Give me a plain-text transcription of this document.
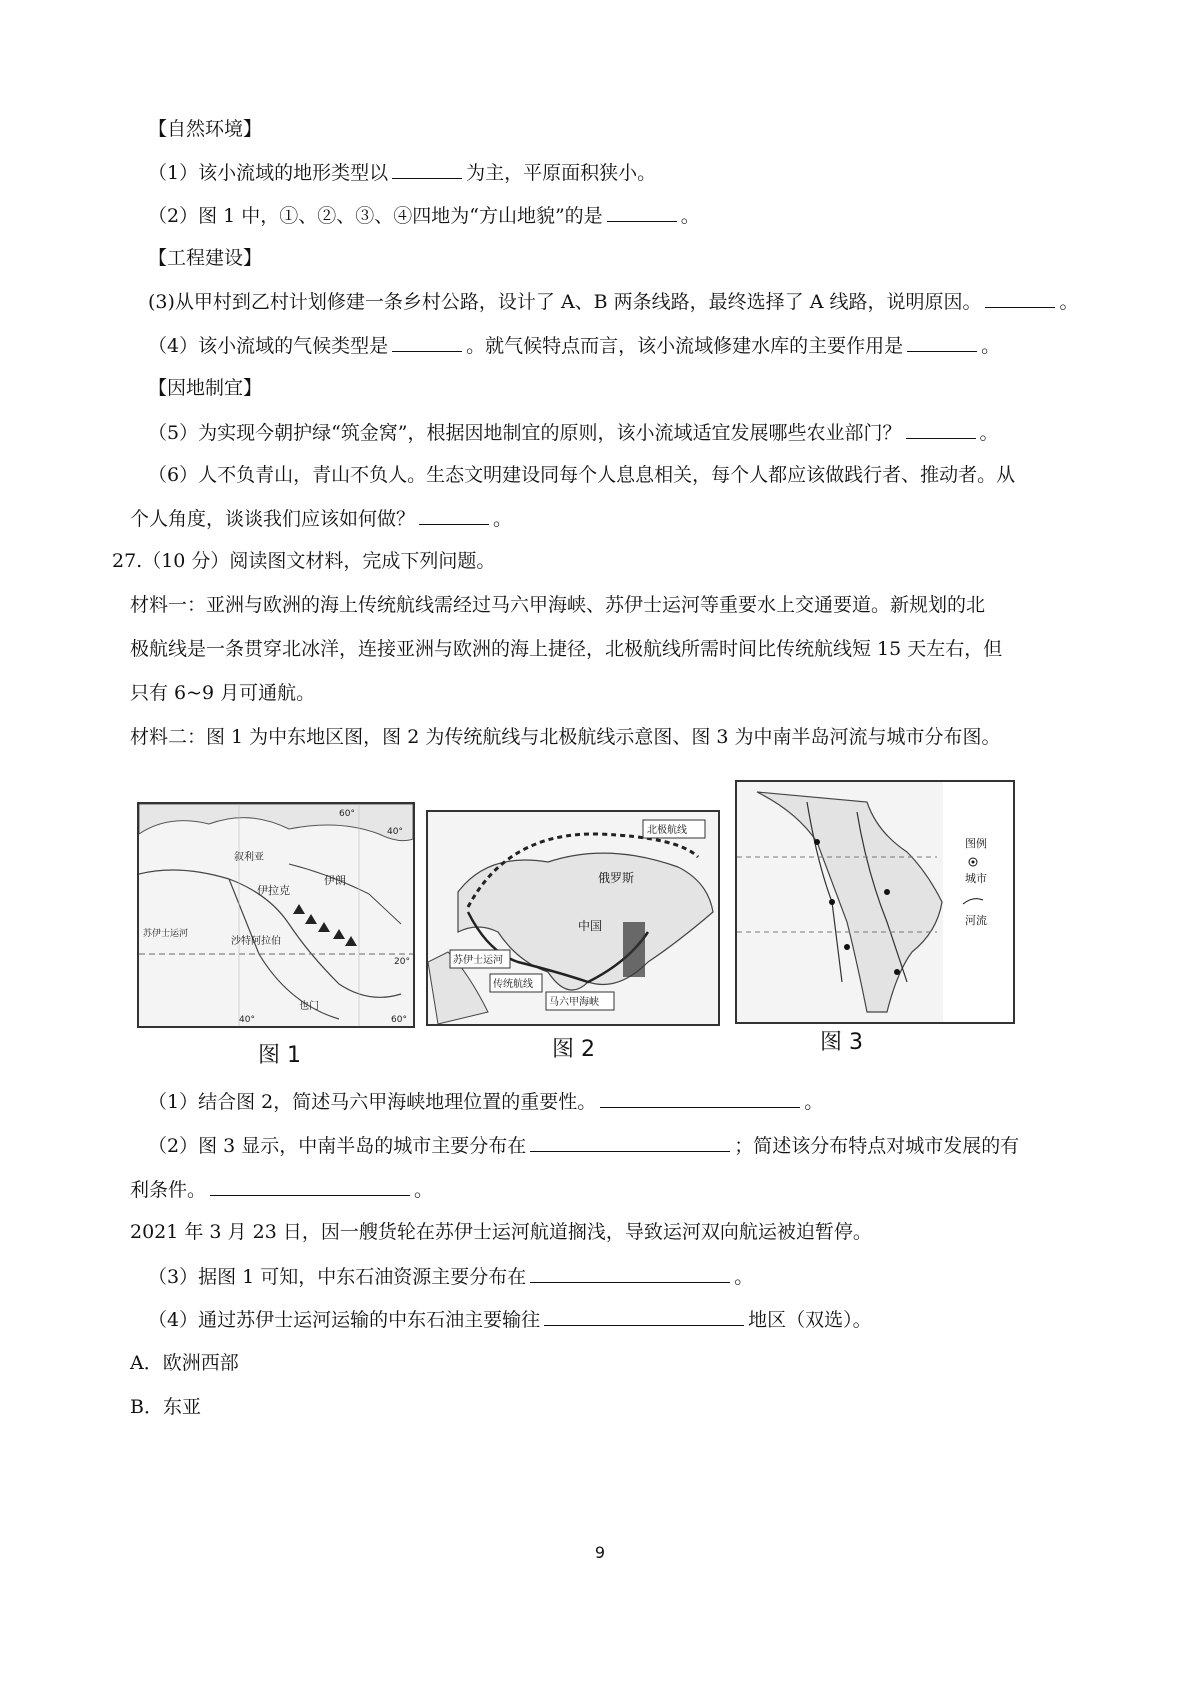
【自然环境】
（1）该小流域的地形类型以	为主，平原面积狭小。
（2）图 1 中，①、②、③、④四地为“方山地貌”的是	。
【工程建设】
(3)从甲村到乙村计划修建一条乡村公路，设计了 A、B 两条线路，最终选择了 A 线路，说明原因。	。
（4）该小流域的气候类型是	。就气候特点而言，该小流域修建水库的主要作用是	。
【因地制宜】
（5）为实现今朝护绿“筑金窝”，根据因地制宜的原则，该小流域适宜发展哪些农业部门？	。
（6）人不负青山，青山不负人。生态文明建设同每个人息息相关，每个人都应该做践行者、推动者。从
个人角度，谈谈我们应该如何做？	。
27.（10 分）阅读图文材料，完成下列问题。
材料一：亚洲与欧洲的海上传统航线需经过马六甲海峡、苏伊士运河等重要水上交通要道。新规划的北
极航线是一条贯穿北冰洋，连接亚洲与欧洲的海上捷径，北极航线所需时间比传统航线短 15 天左右，但
只有 6~9 月可通航。
材料二：图 1 为中东地区图，图 2 为传统航线与北极航线示意图、图 3 为中南半岛河流与城市分布图。
叙利亚
伊拉克
伊朗
苏伊士运河
沙特阿拉伯
也门
40°
60°
20°
40°	60°
图 1
北极航线
俄罗斯
中国
苏伊士运河
传统航线
马六甲海峡
图 2
图例
城市
河流
图 3
（1）结合图 2，简述马六甲海峡地理位置的重要性。	。
（2）图 3 显示，中南半岛的城市主要分布在	；简述该分布特点对城市发展的有
利条件。	。
2021 年 3 月 23 日，因一艘货轮在苏伊士运河航道搁浅，导致运河双向航运被迫暂停。
（3）据图 1 可知，中东石油资源主要分布在	。
（4）通过苏伊士运河运输的中东石油主要输往	地区（双选）。
A．欧洲西部
B．东亚
9
